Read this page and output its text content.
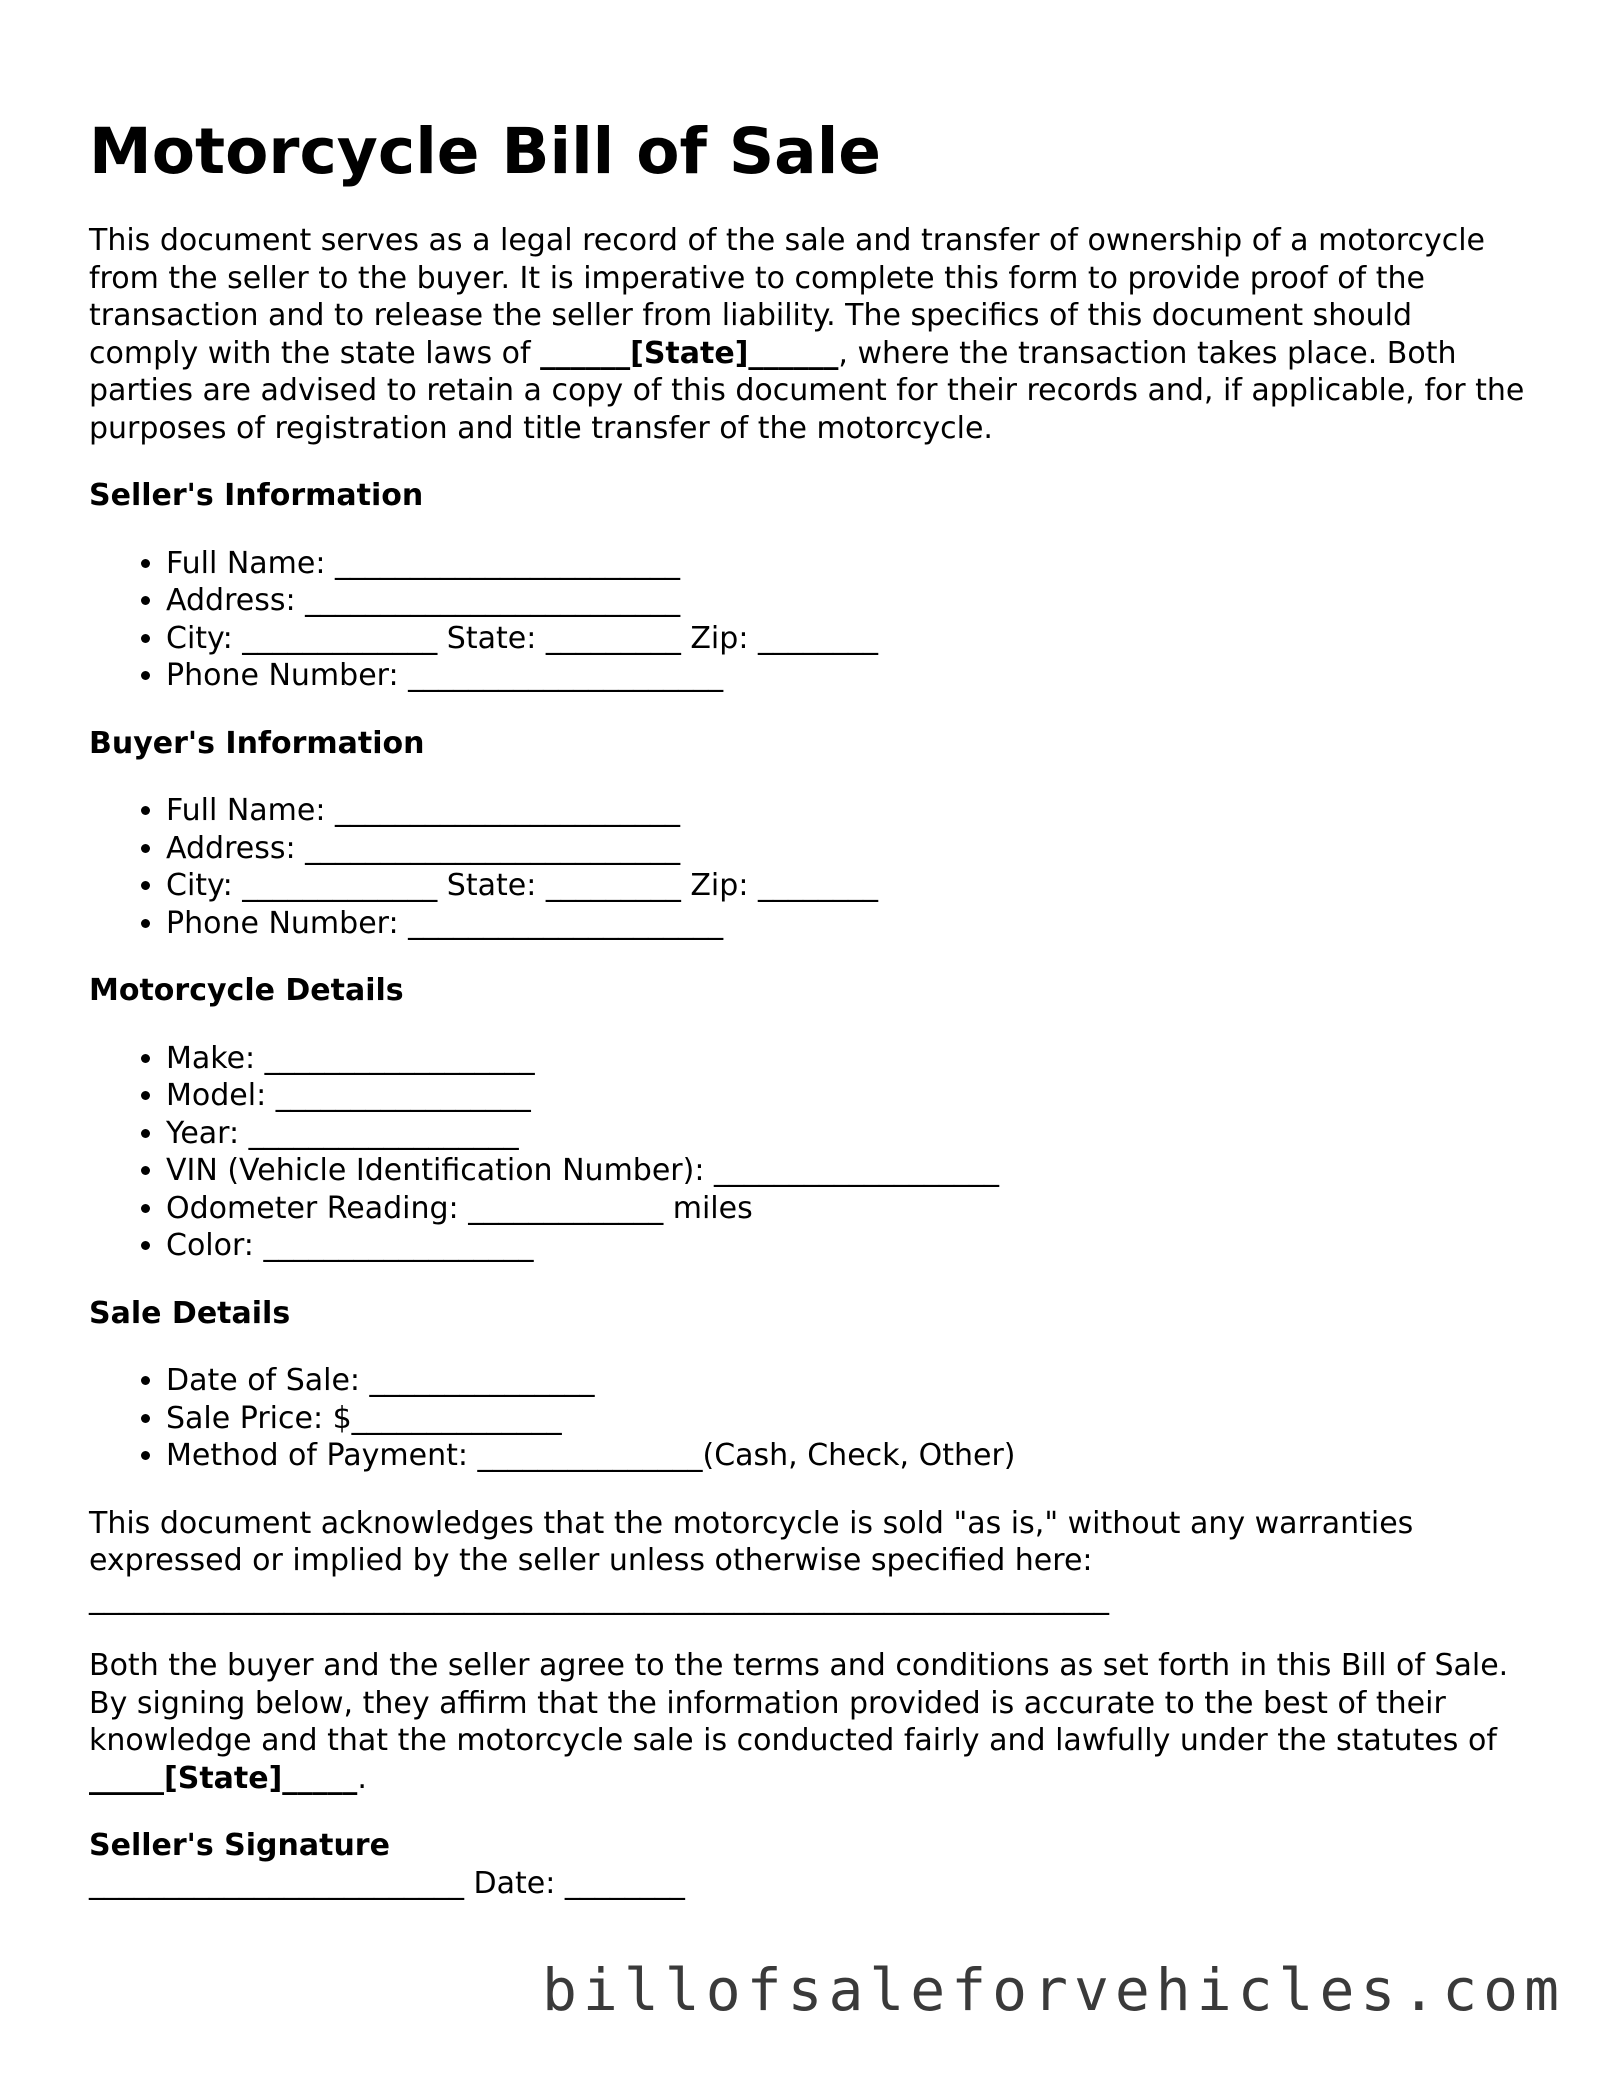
Motorcycle Bill of Sale

This document serves as a legal record of the sale and transfer of ownership of a motorcycle from the seller to the buyer. It is imperative to complete this form to provide proof of the transaction and to release the seller from liability. The specifics of this document should comply with the state laws of ______[State]______, where the transaction takes place. Both parties are advised to retain a copy of this document for their records and, if applicable, for the purposes of registration and title transfer of the motorcycle.

Seller's Information
• Full Name: _______________________
• Address: _________________________
• City: _____________ State: _________ Zip: ________
• Phone Number: _____________________
Buyer's Information
• Full Name: _______________________
• Address: _________________________
• City: _____________ State: _________ Zip: ________
• Phone Number: _____________________
Motorcycle Details
• Make: __________________
• Model: _________________
• Year: __________________
• VIN (Vehicle Identification Number): ___________________
• Odometer Reading: _____________ miles
• Color: __________________
Sale Details
• Date of Sale: _______________
• Sale Price: $______________
• Method of Payment: _______________(Cash, Check, Other)

This document acknowledges that the motorcycle is sold "as is," without any warranties expressed or implied by the seller unless otherwise specified here:

____________________________________________________________________

Both the buyer and the seller agree to the terms and conditions as set forth in this Bill of Sale. By signing below, they affirm that the information provided is accurate to the best of their knowledge and that the motorcycle sale is conducted fairly and lawfully under the statutes of _____[State]_____.

Seller's Signature
_________________________ Date: ________
billofsaleforvehicles.com
